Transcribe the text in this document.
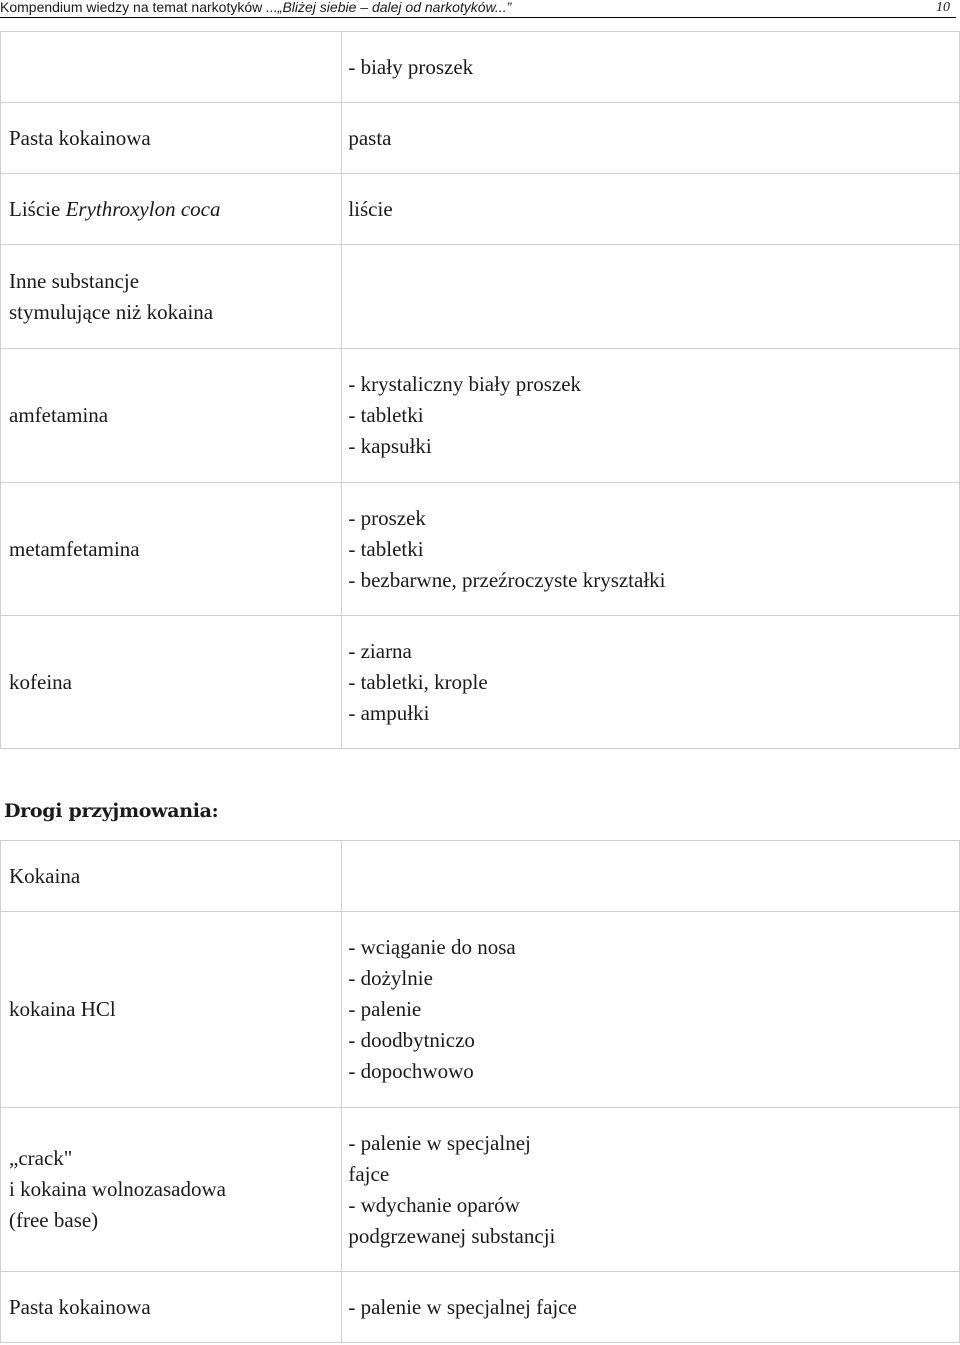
Kompendium wiedzy na temat narkotyków ...„Bliżej siebie – dalej od narkotyków...”	10

	- biały proszek

Pasta kokainowa	pasta

Liście Erythroxylon coca	liście

Inne substancje
stymulujące niż kokaina	

amfetamina	- krystaliczny biały proszek
- tabletki
- kapsułki

metamfetamina	- proszek
- tabletki
- bezbarwne, przeźroczyste kryształki

kofeina	- ziarna
- tabletki, krople
- ampułki
Drogi przyjmowania:
Kokaina	

kokaina HCl	- wciąganie do nosa
- dożylnie
- palenie
- doodbytniczo
- dopochwowo

„crack"
i kokaina wolnozasadowa
(free base)	- palenie w specjalnej
fajce
- wdychanie oparów
podgrzewanej substancji

Pasta kokainowa	- palenie w specjalnej fajce
